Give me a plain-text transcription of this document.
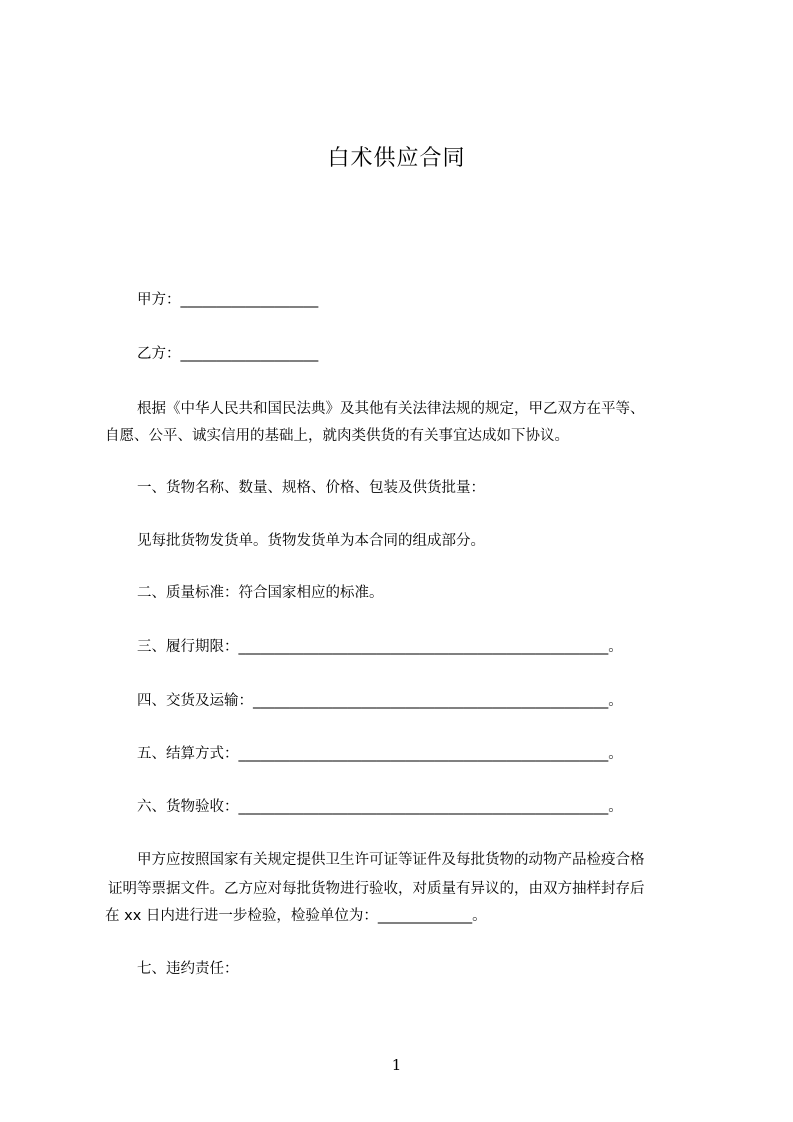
白术供应合同
甲方：___________________
乙方：___________________
根据《中华人民共和国民法典》及其他有关法律法规的规定，甲乙双方在平等、
自愿、公平、诚实信用的基础上，就肉类供货的有关事宜达成如下协议。
一、货物名称、数量、规格、价格、包装及供货批量：
见每批货物发货单。货物发货单为本合同的组成部分。
二、质量标准：符合国家相应的标准。
三、履行期限：___________________________________________________。
四、交货及运输：_________________________________________________。
五、结算方式：___________________________________________________。
六、货物验收：___________________________________________________。
甲方应按照国家有关规定提供卫生许可证等证件及每批货物的动物产品检疫合格
证明等票据文件。乙方应对每批货物进行验收，对质量有异议的，由双方抽样封存后
在 xx 日内进行进一步检验，检验单位为：_____________。
七、违约责任：
1
